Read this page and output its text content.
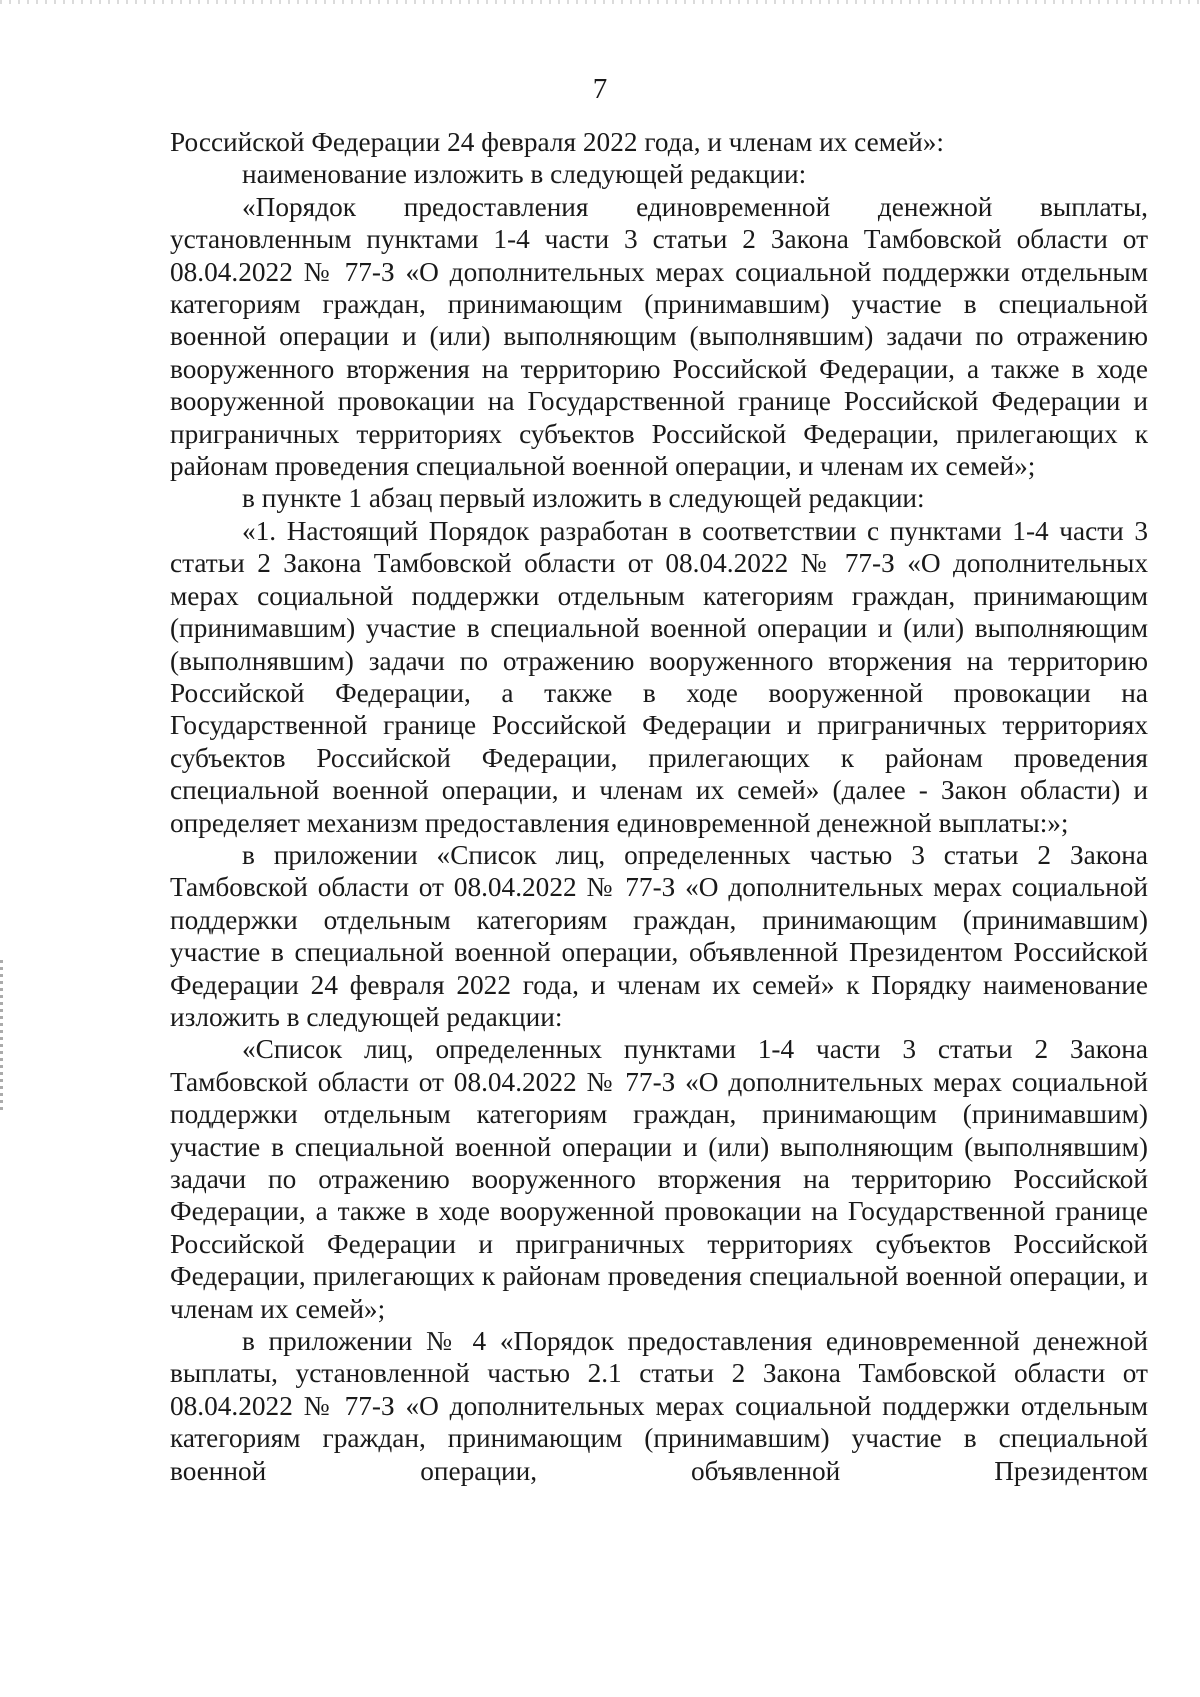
7

Российской Федерации 24 февраля 2022 года, и членам их семей»:

наименование изложить в следующей редакции:

«Порядок предоставления единовременной денежной выплаты, установленным пунктами 1-4 части 3 статьи 2 Закона Тамбовской области от 08.04.2022 № 77-З «О дополнительных мерах социальной поддержки отдельным категориям граждан, принимающим (принимавшим) участие в специальной военной операции и (или) выполняющим (выполнявшим) задачи по отражению вооруженного вторжения на территорию Российской Федерации, а также в ходе вооруженной провокации на Государственной границе Российской Федерации и приграничных территориях субъектов Российской Федерации, прилегающих к районам проведения специальной военной операции, и членам их семей»;

в пункте 1 абзац первый изложить в следующей редакции:

«1. Настоящий Порядок разработан в соответствии с пунктами 1-4 части 3 статьи 2 Закона Тамбовской области от 08.04.2022 № 77-З «О дополнительных мерах социальной поддержки отдельным категориям граждан, принимающим (принимавшим) участие в специальной военной операции и (или) выполняющим (выполнявшим) задачи по отражению вооруженного вторжения на территорию Российской Федерации, а также в ходе вооруженной провокации на Государственной границе Российской Федерации и приграничных территориях субъектов Российской Федерации, прилегающих к районам проведения специальной военной операции, и членам их семей» (далее - Закон области) и определяет механизм предоставления единовременной денежной выплаты:»;

в приложении «Список лиц, определенных частью 3 статьи 2 Закона Тамбовской области от 08.04.2022 № 77-З «О дополнительных мерах социальной поддержки отдельным категориям граждан, принимающим (принимавшим) участие в специальной военной операции, объявленной Президентом Российской Федерации 24 февраля 2022 года, и членам их семей» к Порядку наименование изложить в следующей редакции:

«Список лиц, определенных пунктами 1-4 части 3 статьи 2 Закона Тамбовской области от 08.04.2022 № 77-З «О дополнительных мерах социальной поддержки отдельным категориям граждан, принимающим (принимавшим) участие в специальной военной операции и (или) выполняющим (выполнявшим) задачи по отражению вооруженного вторжения на территорию Российской Федерации, а также в ходе вооруженной провокации на Государственной границе Российской Федерации и приграничных территориях субъектов Российской Федерации, прилегающих к районам проведения специальной военной операции, и членам их семей»;

в приложении № 4 «Порядок предоставления единовременной денежной выплаты, установленной частью 2.1 статьи 2 Закона Тамбовской области от 08.04.2022 № 77-З «О дополнительных мерах социальной поддержки отдельным категориям граждан, принимающим (принимавшим) участие в специальной военной операции, объявленной Президентом
